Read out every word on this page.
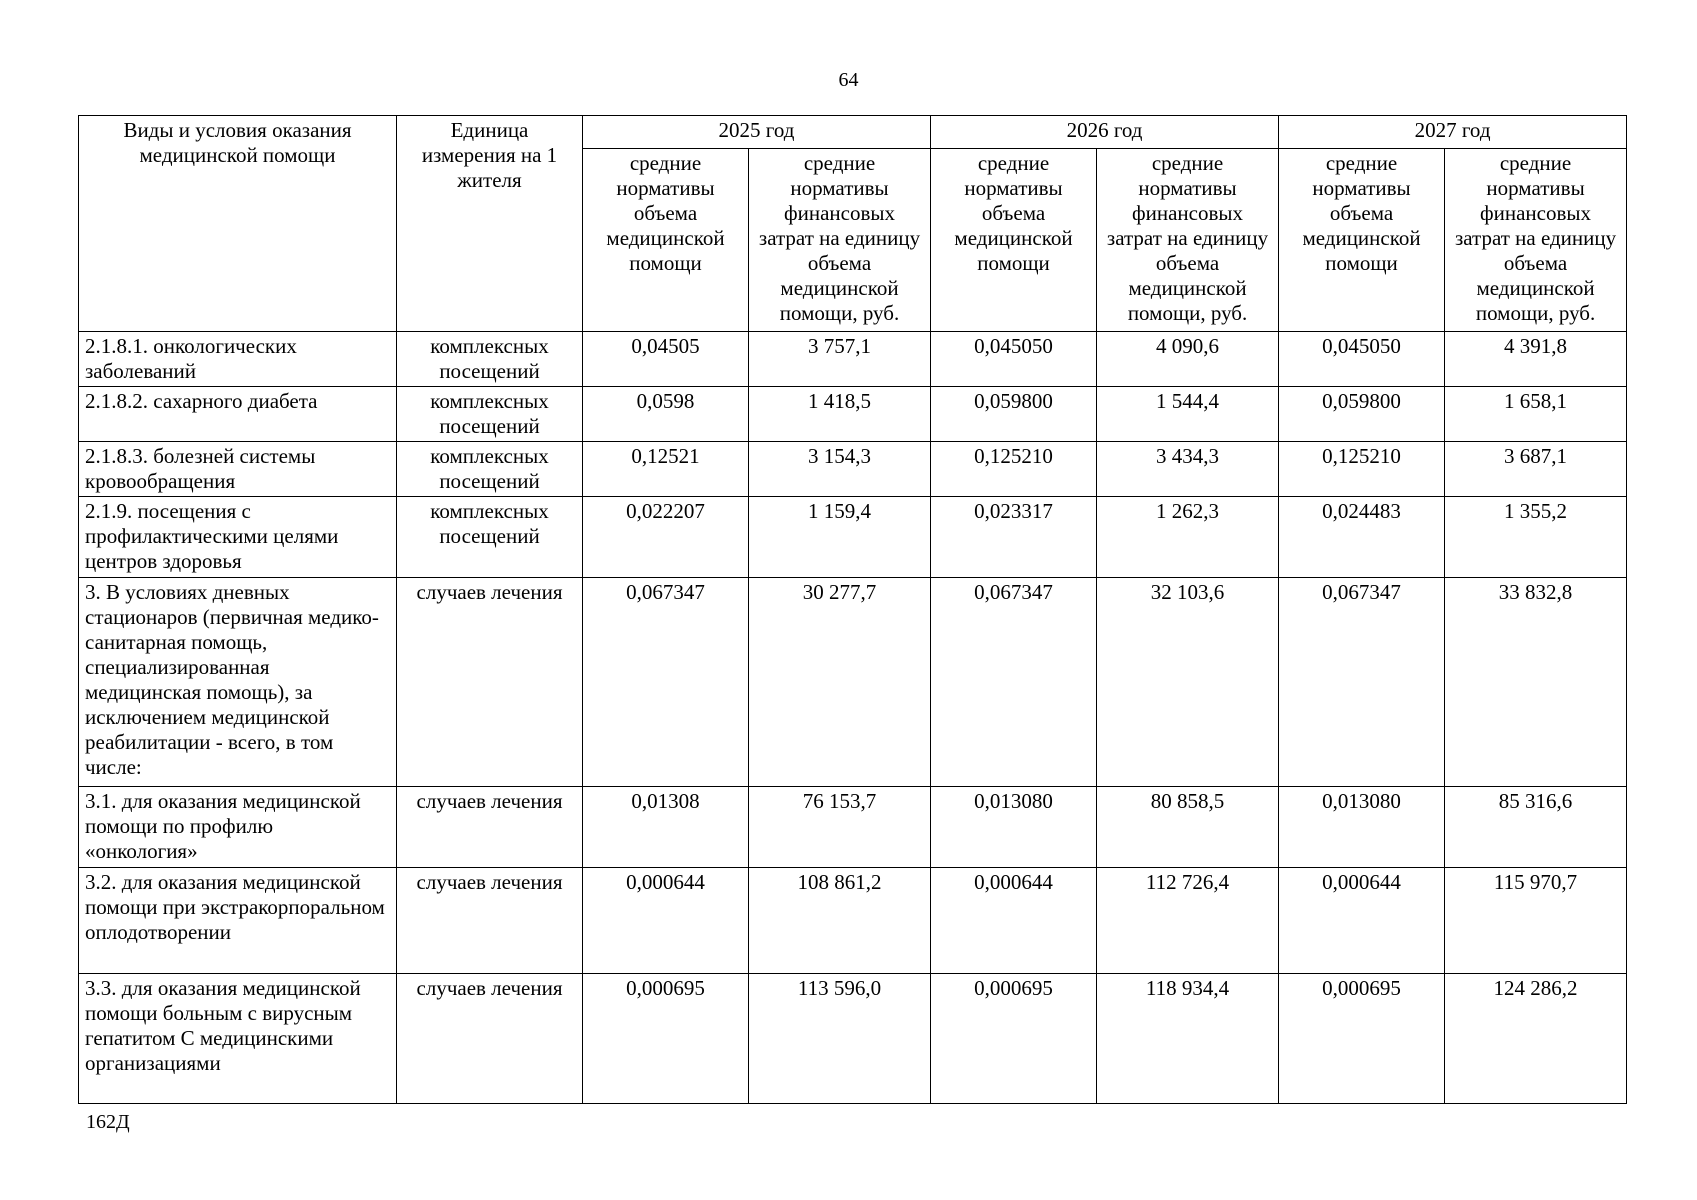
64
Виды и условия оказания медицинской помощи	Единица измерения на 1 жителя	2025 год		2026 год		2027 год	
		средние нормативы объема медицинской помощи	средние нормативы финансовых затрат на единицу объема медицинской помощи, руб.	средние нормативы объема медицинской помощи	средние нормативы финансовых затрат на единицу объема медицинской помощи, руб.	средние нормативы объема медицинской помощи	средние нормативы финансовых затрат на единицу объема медицинской помощи, руб.
2.1.8.1. онкологических заболеваний	комплексных посещений	0,04505	3 757,1	0,045050	4 090,6	0,045050	4 391,8
2.1.8.2. сахарного диабета	комплексных посещений	0,0598	1 418,5	0,059800	1 544,4	0,059800	1 658,1
2.1.8.3. болезней системы кровообращения	комплексных посещений	0,12521	3 154,3	0,125210	3 434,3	0,125210	3 687,1
2.1.9. посещения с профилактическими целями центров здоровья	комплексных посещений	0,022207	1 159,4	0,023317	1 262,3	0,024483	1 355,2
3. В условиях дневных стационаров (первичная медико-санитарная помощь, специализированная медицинская помощь), за исключением медицинской реабилитации - всего, в том числе:	случаев лечения	0,067347	30 277,7	0,067347	32 103,6	0,067347	33 832,8
3.1. для оказания медицинской помощи по профилю «онкология»	случаев лечения	0,01308	76 153,7	0,013080	80 858,5	0,013080	85 316,6
3.2. для оказания медицинской помощи при экстракорпоральном оплодотворении	случаев лечения	0,000644	108 861,2	0,000644	112 726,4	0,000644	115 970,7
3.3. для оказания медицинской помощи больным с вирусным гепатитом С медицинскими организациями	случаев лечения	0,000695	113 596,0	0,000695	118 934,4	0,000695	124 286,2
162Д
